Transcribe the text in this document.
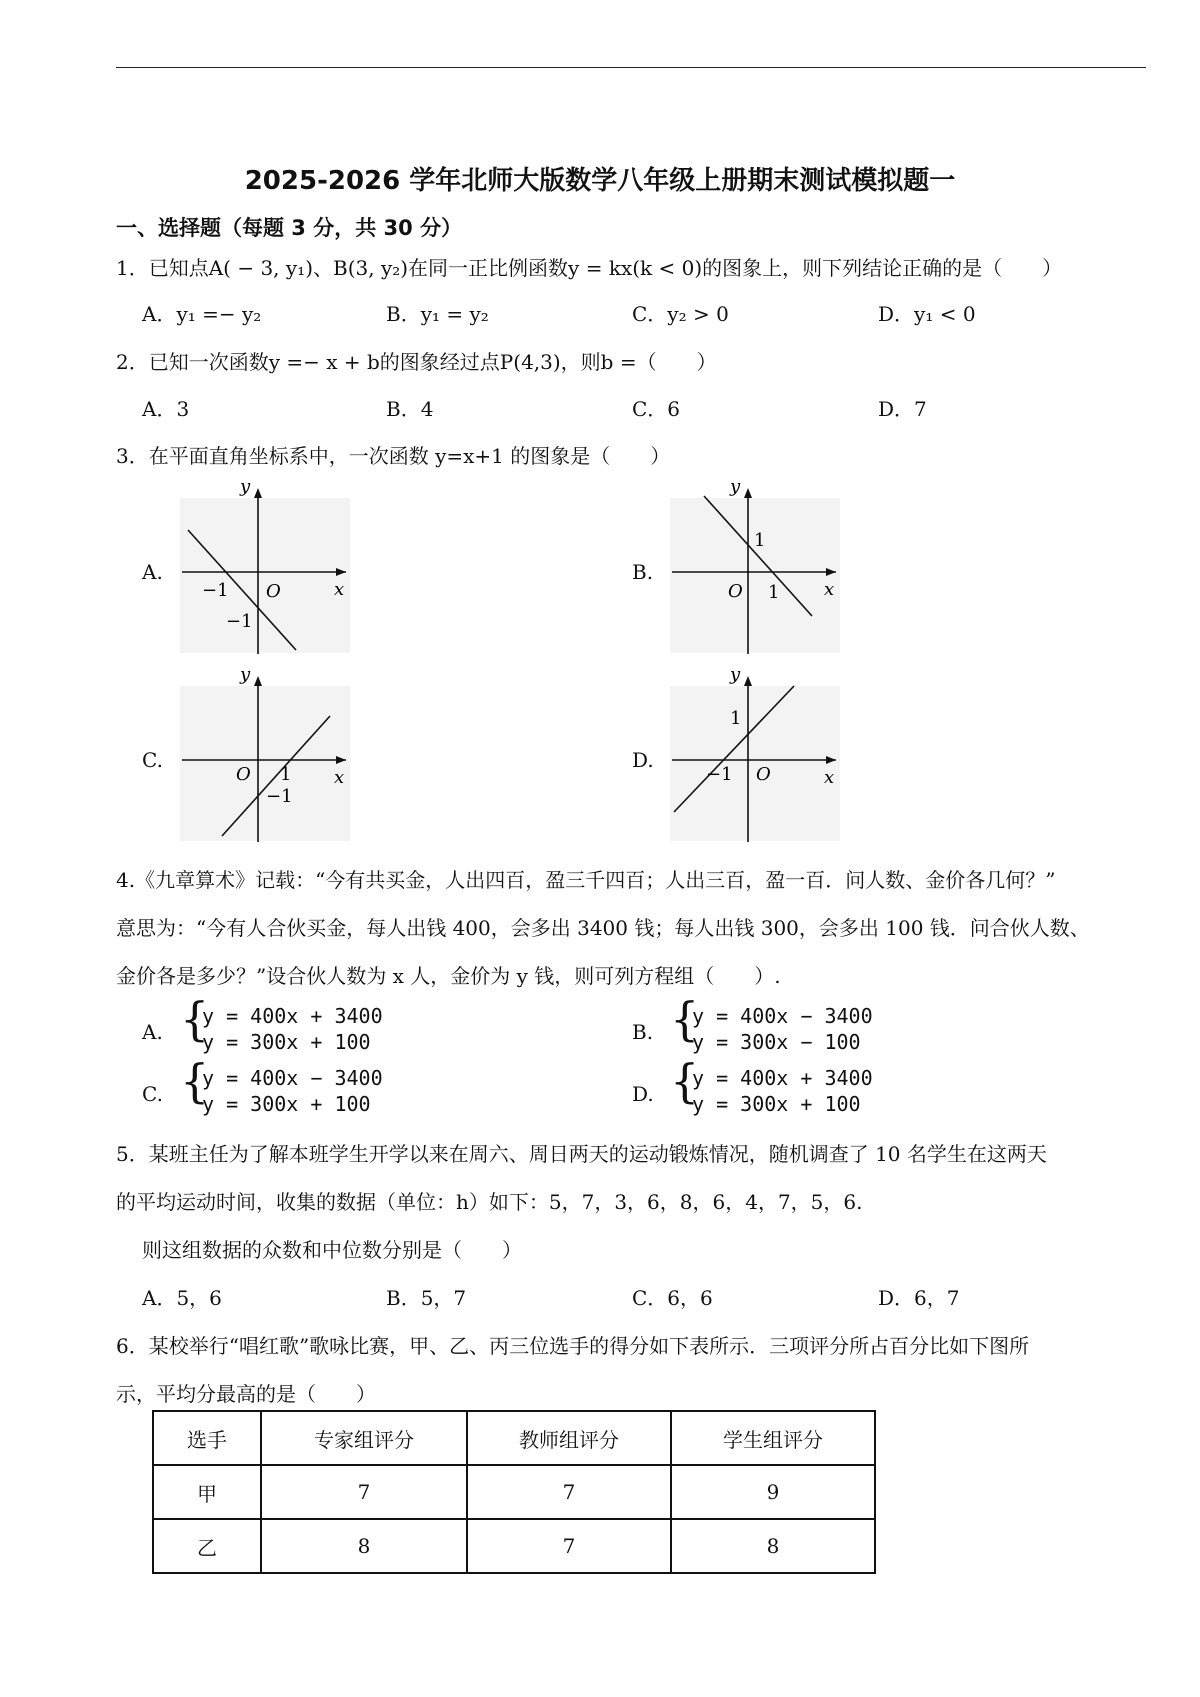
2025-2026 学年北师大版数学八年级上册期末测试模拟题一
一、选择题（每题 3 分，共 30 分）
1．已知点A( − 3, y₁)、B(3, y₂)在同一正比例函数y = kx(k < 0)的图象上，则下列结论正确的是（　　）
A．y₁ =− y₂	B．y₁ = y₂	C．y₂ > 0	D．y₁ < 0
2．已知一次函数y =− x + b的图象经过点P(4,3)，则b =（　　）
A．3	B．4	C．6	D．7
3．在平面直角坐标系中，一次函数 y=x+1 的图象是（　　）
A.	B.
C.	D.
y
x
O
−1
−1
y
x
O
1
1
y
x
O 1
−1
y
x
O
1
−1
4.《九章算术》记载：“今有共买金，人出四百，盈三千四百；人出三百，盈一百．问人数、金价各几何？”
意思为：“今有人合伙买金，每人出钱 400，会多出 3400 钱；每人出钱 300，会多出 100 钱．问合伙人数、
金价各是多少？”设合伙人数为 x 人，金价为 y 钱，则可列方程组（　　）.
A. {
y = 400x + 3400
y = 300x + 100	B. {
y = 400x − 3400
y = 300x − 100
C. {
y = 400x − 3400
y = 300x + 100	D. {
y = 400x + 3400
y = 300x + 100
5．某班主任为了解本班学生开学以来在周六、周日两天的运动锻炼情况，随机调查了 10 名学生在这两天
的平均运动时间，收集的数据（单位：h）如下：5，7，3，6，8，6，4，7，5，6.
则这组数据的众数和中位数分别是（　　）
A．5，6	B．5，7	C．6，6	D．6，7
6．某校举行“唱红歌”歌咏比赛，甲、乙、丙三位选手的得分如下表所示．三项评分所占百分比如下图所
示，平均分最高的是（　　）
选手	专家组评分	教师组评分	学生组评分
甲	7	7	9
乙	8	7	8
